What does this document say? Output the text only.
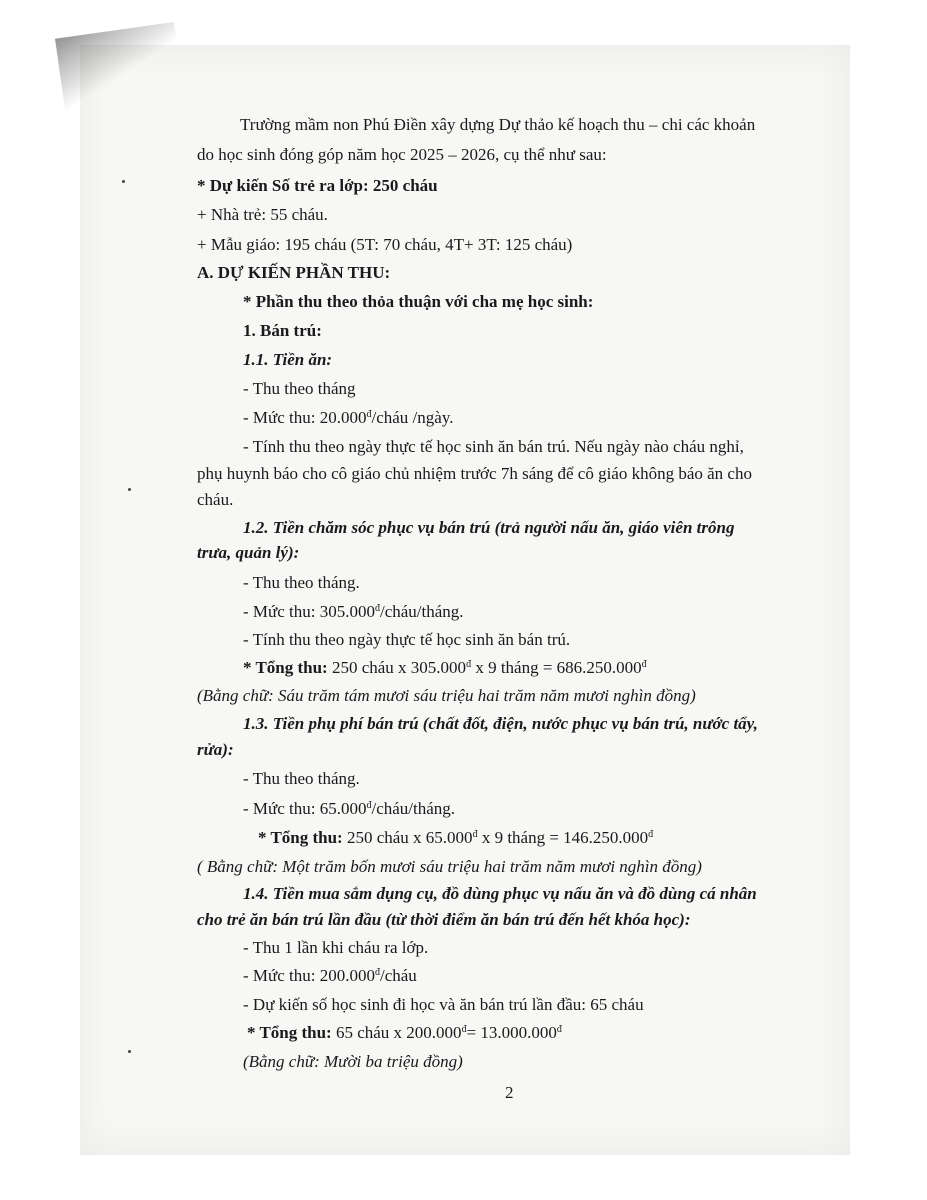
Trường mầm non Phú Điền xây dựng Dự thảo kế hoạch thu – chi các khoản
do học sinh đóng góp năm học 2025 – 2026, cụ thể như sau:
* Dự kiến Số trẻ ra lớp: 250 cháu
+ Nhà trẻ: 55 cháu.
+ Mẫu giáo: 195 cháu (5T: 70 cháu, 4T+ 3T: 125 cháu)
A. DỰ KIẾN PHẦN THU:
* Phần thu theo thỏa thuận với cha mẹ học sinh:
1. Bán trú:
1.1. Tiền ăn:
- Thu theo tháng
- Mức thu: $20.000^đ$/cháu /ngày.
- Tính thu theo ngày thực tế học sinh ăn bán trú. Nếu ngày nào cháu nghỉ,
phụ huynh báo cho cô giáo chủ nhiệm trước 7h sáng để cô giáo không báo ăn cho
cháu.
1.2. Tiền chăm sóc phục vụ bán trú (trả người nấu ăn, giáo viên trông
trưa, quản lý):
- Thu theo tháng.
- Mức thu: $305.000^đ/cháu$/tháng.
- Tính thu theo ngày thực tế học sinh ăn bán trú.
* Tổng thu: 250 cháu x $305.000^đ$ x 9 tháng = $686.250.000^đ$
(Bằng chữ: Sáu trăm tám mươi sáu triệu hai trăm năm mươi nghìn đồng)
1.3. Tiền phụ phí bán trú (chất đốt, điện, nước phục vụ bán trú, nước tẩy,
rửa):
- Thu theo tháng.
- Mức thu: $65.000^đ/cháu$/tháng.
* Tổng thu: 250 cháu x $65.000^đ$ x 9 tháng = $146.250.000^đ$
( Bằng chữ: Một trăm bốn mươi sáu triệu hai trăm năm mươi nghìn đồng)
1.4. Tiền mua sắm dụng cụ, đồ dùng phục vụ nấu ăn và đồ dùng cá nhân
cho trẻ ăn bán trú lần đầu (từ thời điểm ăn bán trú đến hết khóa học):
- Thu 1 lần khi cháu ra lớp.
- Mức thu: $200.000^đ$/cháu
- Dự kiến số học sinh đi học và ăn bán trú lần đầu: 65 cháu
* Tổng thu: 65 cháu x $200.000^đ= 13.000.000^đ$
(Bằng chữ: Mười ba triệu đồng)
2
